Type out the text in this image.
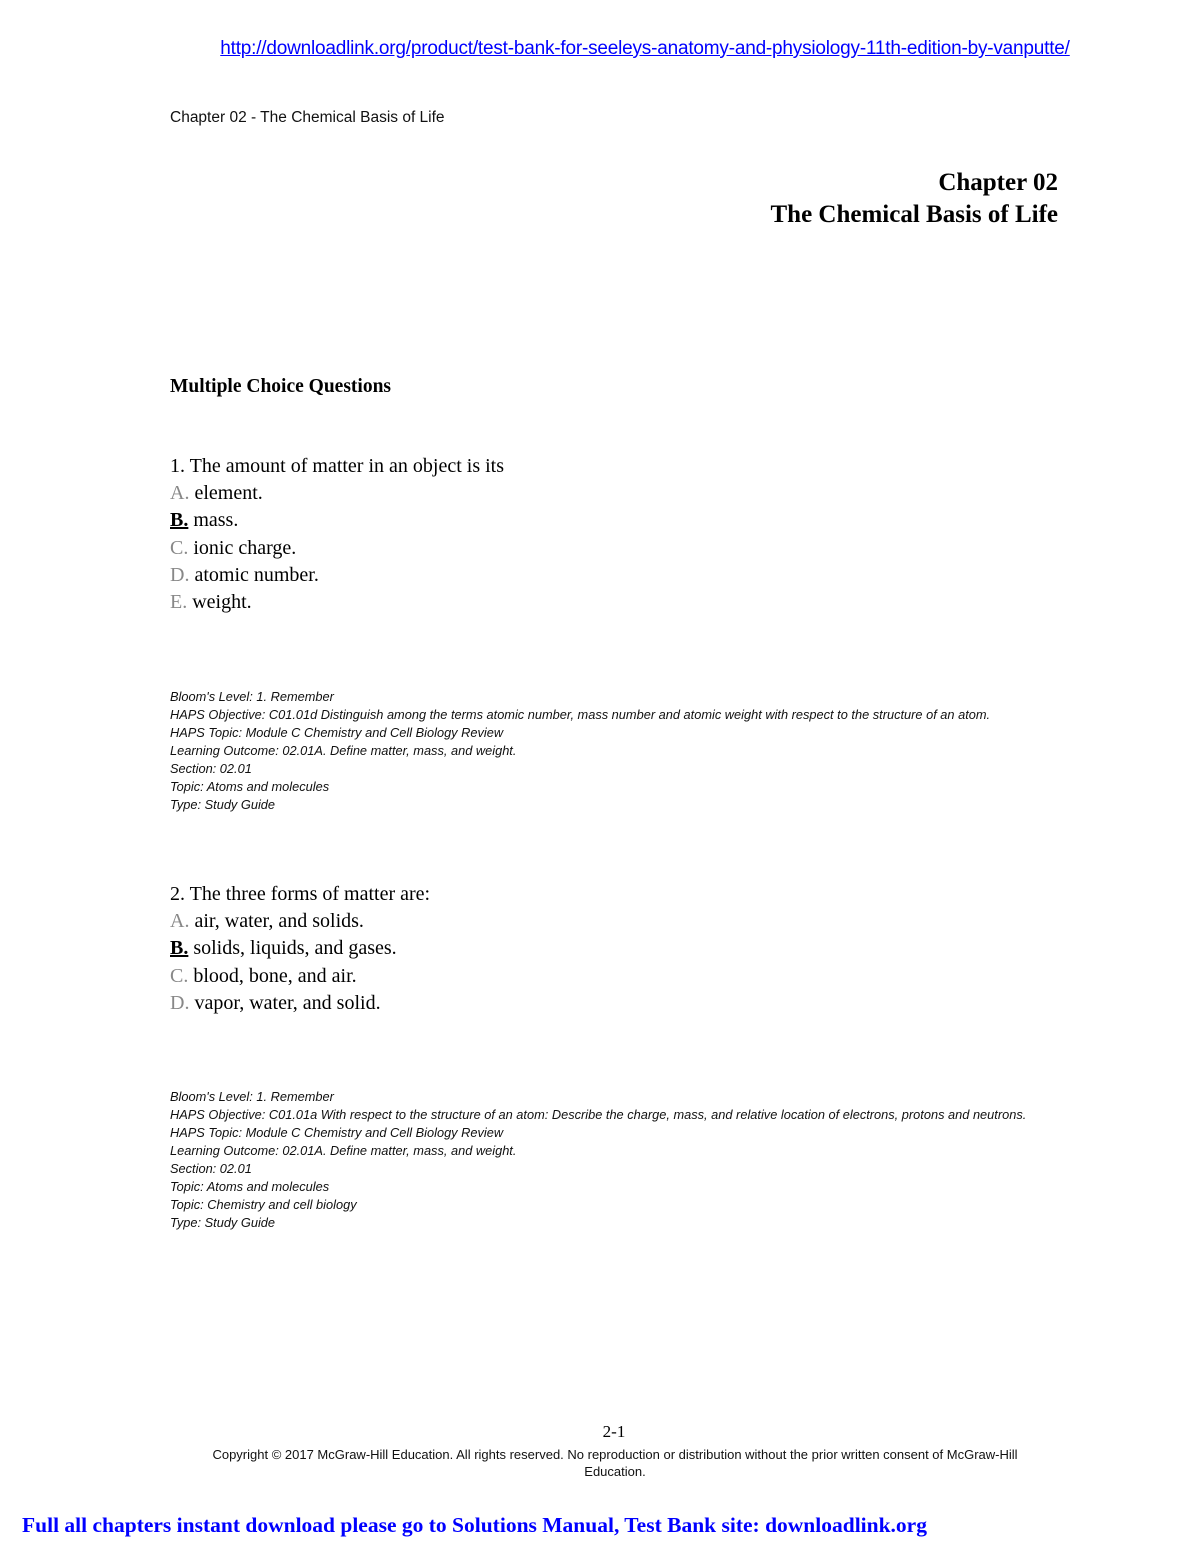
http://downloadlink.org/product/test-bank-for-seeleys-anatomy-and-physiology-11th-edition-by-vanputte/
Chapter 02 - The Chemical Basis of Life
Chapter 02
The Chemical Basis of Life
Multiple Choice Questions
1. The amount of matter in an object is its
A. element.
B. mass.
C. ionic charge.
D. atomic number.
E. weight.
Bloom's Level: 1. Remember
HAPS Objective: C01.01d Distinguish among the terms atomic number, mass number and atomic weight with respect to the structure of an atom.
HAPS Topic: Module C Chemistry and Cell Biology Review
Learning Outcome: 02.01A. Define matter, mass, and weight.
Section: 02.01
Topic: Atoms and molecules
Type: Study Guide
2. The three forms of matter are:
A. air, water, and solids.
B. solids, liquids, and gases.
C. blood, bone, and air.
D. vapor, water, and solid.
Bloom's Level: 1. Remember
HAPS Objective: C01.01a With respect to the structure of an atom: Describe the charge, mass, and relative location of electrons, protons and neutrons.
HAPS Topic: Module C Chemistry and Cell Biology Review
Learning Outcome: 02.01A. Define matter, mass, and weight.
Section: 02.01
Topic: Atoms and molecules
Topic: Chemistry and cell biology
Type: Study Guide
2-1
Copyright © 2017 McGraw-Hill Education. All rights reserved. No reproduction or distribution without the prior written consent of McGraw-Hill Education.
Full all chapters instant download please go to Solutions Manual, Test Bank site: downloadlink.org
